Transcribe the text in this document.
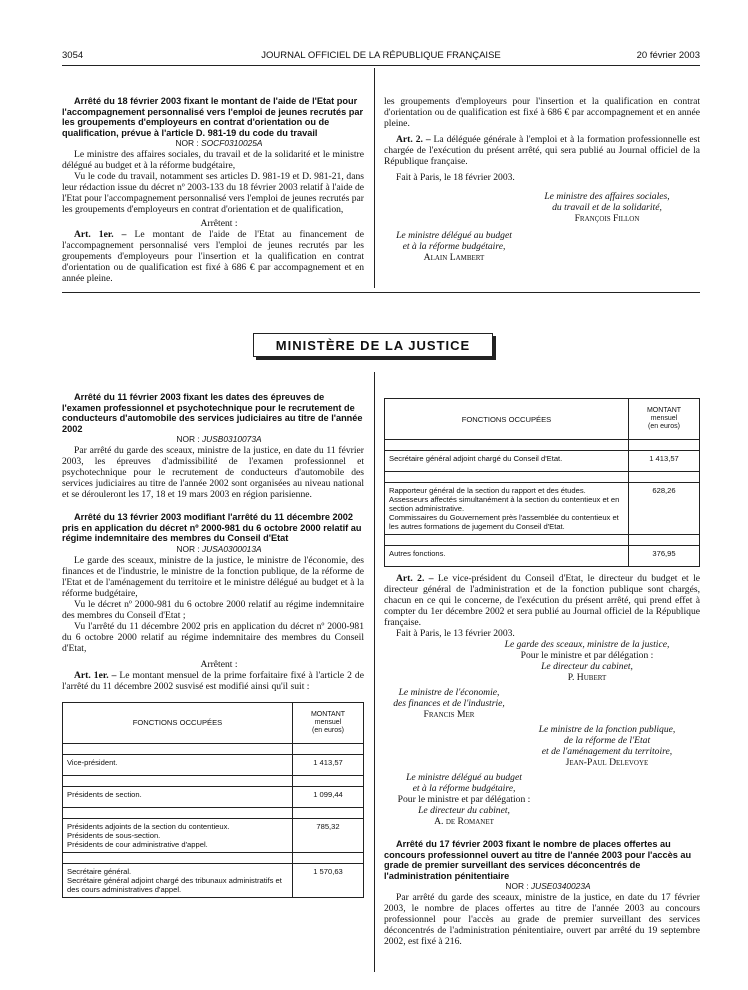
3054	JOURNAL OFFICIEL DE LA RÉPUBLIQUE FRANÇAISE	20 février 2003

Arrêté du 18 février 2003 fixant le montant de l'aide de l'Etat pour l'accompagnement personnalisé vers l'emploi de jeunes recrutés par les groupements d'employeurs en contrat d'orientation ou de qualification, prévue à l'article D. 981-19 du code du travail

NOR : SOCF0310025A

Le ministre des affaires sociales, du travail et de la solidarité et le ministre délégué au budget et à la réforme budgétaire,

Vu le code du travail, notamment ses articles D. 981-19 et D. 981-21, dans leur rédaction issue du décret nº 2003-133 du 18 février 2003 relatif à l'aide de l'Etat pour l'accompagnement personnalisé vers l'emploi de jeunes recrutés par les groupements d'employeurs en contrat d'orientation et de qualification,

Arrêtent :

Art. 1er. – Le montant de l'aide de l'Etat au financement de l'accompagnement personnalisé vers l'emploi de jeunes recrutés par les groupements d'employeurs pour l'insertion et la qualification en contrat d'orientation ou de qualification est fixé à 686 € par accompagnement et en année pleine.

les groupements d'employeurs pour l'insertion et la qualification en contrat d'orientation ou de qualification est fixé à 686 € par accompagnement et en année pleine.

Art. 2. – La déléguée générale à l'emploi et à la formation professionnelle est chargée de l'exécution du présent arrêté, qui sera publié au Journal officiel de la République française.

Fait à Paris, le 18 février 2003.

Le ministre des affaires sociales,
du travail et de la solidarité,
François Fillon
Le ministre délégué au budget
et à la réforme budgétaire,
Alain Lambert
MINISTÈRE DE LA JUSTICE

Arrêté du 11 février 2003 fixant les dates des épreuves de l'examen professionnel et psychotechnique pour le recrutement de conducteurs d'automobile des services judiciaires au titre de l'année 2002

NOR : JUSB0310073A

Par arrêté du garde des sceaux, ministre de la justice, en date du 11 février 2003, les épreuves d'admissibilité de l'examen professionnel et psychotechnique pour le recrutement de conducteurs d'automobile des services judiciaires au titre de l'année 2002 sont organisées au niveau national et se dérouleront les 17, 18 et 19 mars 2003 en région parisienne.

Arrêté du 13 février 2003 modifiant l'arrêté du 11 décembre 2002 pris en application du décret nº 2000-981 du 6 octobre 2000 relatif au régime indemnitaire des membres du Conseil d'Etat

NOR : JUSA0300013A

Le garde des sceaux, ministre de la justice, le ministre de l'économie, des finances et de l'industrie, le ministre de la fonction publique, de la réforme de l'Etat et de l'aménagement du territoire et le ministre délégué au budget et à la réforme budgétaire,

Vu le décret nº 2000-981 du 6 octobre 2000 relatif au régime indemnitaire des membres du Conseil d'Etat ;

Vu l'arrêté du 11 décembre 2002 pris en application du décret nº 2000-981 du 6 octobre 2000 relatif au régime indemnitaire des membres du Conseil d'Etat,

Arrêtent :

Art. 1er. – Le montant mensuel de la prime forfaitaire fixé à l'article 2 de l'arrêté du 11 décembre 2002 susvisé est modifié ainsi qu'il suit :

FONCTIONS OCCUPÉES	MONTANT
mensuel
(en euros)

Vice-président.	1 413,57

Présidents de section.	1 099,44

Présidents adjoints de la section du contentieux.
Présidents de sous-section.
Présidents de cour administrative d'appel.	785,32

Secrétaire général.
Secrétaire général adjoint chargé des tribunaux administratifs et des cours administratives d'appel.	1 570,63
FONCTIONS OCCUPÉES	MONTANT
mensuel
(en euros)

Secrétaire général adjoint chargé du Conseil d'Etat.	1 413,57

Rapporteur général de la section du rapport et des études.
Assesseurs affectés simultanément à la section du contentieux et en section administrative.
Commissaires du Gouvernement près l'assemblée du contentieux et les autres formations de jugement du Conseil d'Etat.	628,26

Autres fonctions.	376,95

Art. 2. – Le vice-président du Conseil d'Etat, le directeur du budget et le directeur général de l'administration et de la fonction publique sont chargés, chacun en ce qui le concerne, de l'exécution du présent arrêté, qui prend effet à compter du 1er décembre 2002 et sera publié au Journal officiel de la République française.

Fait à Paris, le 13 février 2003.

Le garde des sceaux, ministre de la justice,
Pour le ministre et par délégation :
Le directeur du cabinet,
P. Hubert
Le ministre de l'économie,
des finances et de l'industrie,
Francis Mer
Le ministre de la fonction publique,
de la réforme de l'Etat
et de l'aménagement du territoire,
Jean-Paul Delevoye
Le ministre délégué au budget
et à la réforme budgétaire,
Pour le ministre et par délégation :
Le directeur du cabinet,
A. de Romanet

Arrêté du 17 février 2003 fixant le nombre de places offertes au concours professionnel ouvert au titre de l'année 2003 pour l'accès au grade de premier surveillant des services déconcentrés de l'administration pénitentiaire

NOR : JUSE0340023A

Par arrêté du garde des sceaux, ministre de la justice, en date du 17 février 2003, le nombre de places offertes au titre de l'année 2003 au concours professionnel pour l'accès au grade de premier surveillant des services déconcentrés de l'administration pénitentiaire, ouvert par arrêté du 19 septembre 2002, est fixé à 216.
